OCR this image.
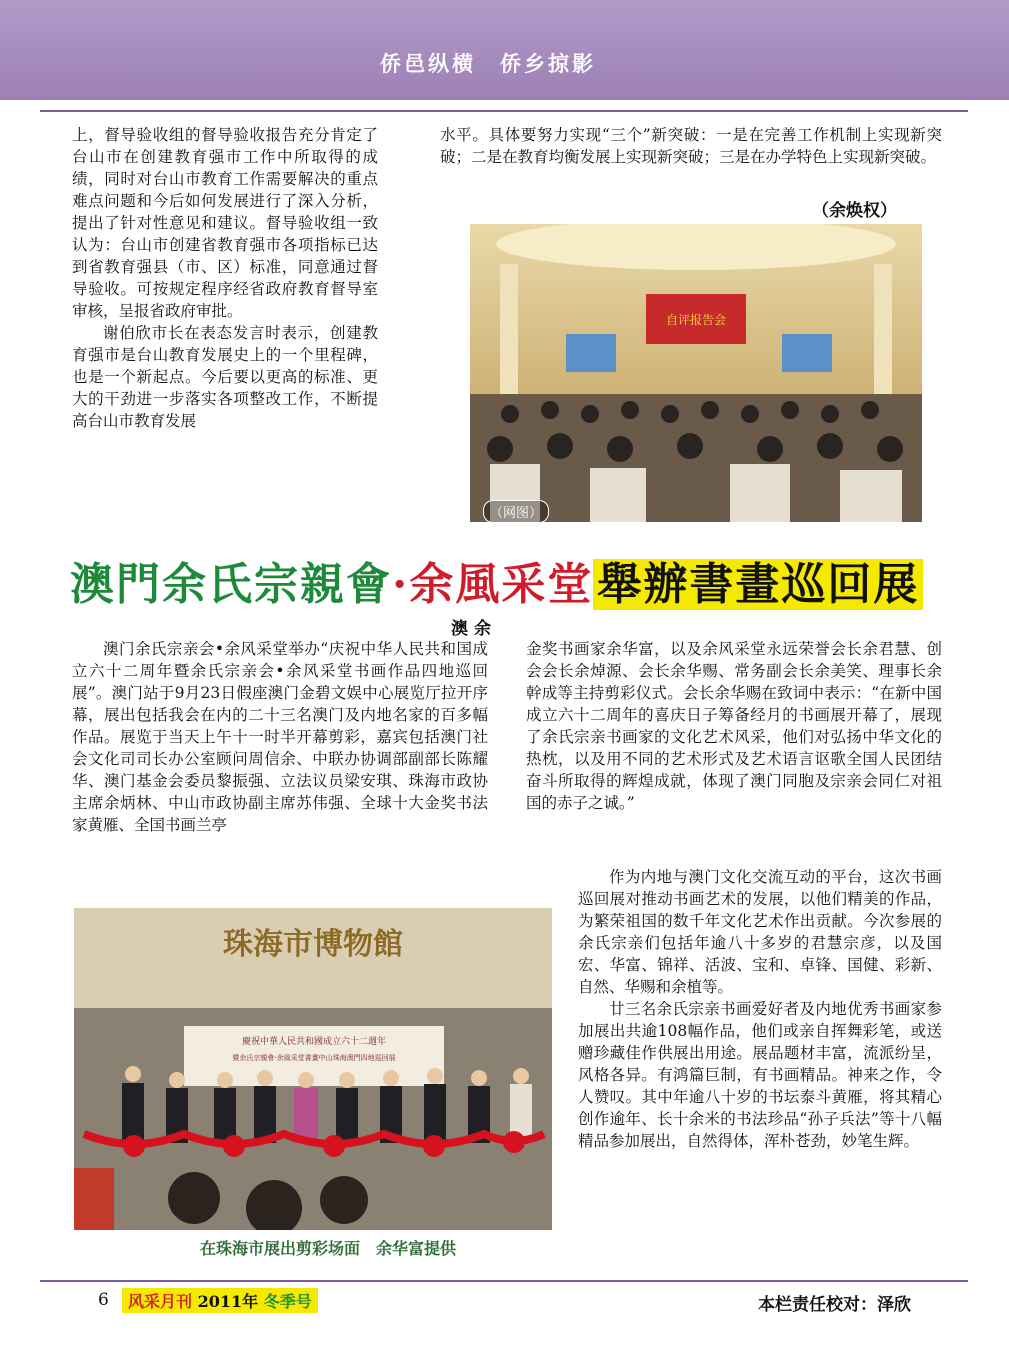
侨邑纵横　侨乡掠影

上，督导验收组的督导验收报告充分肯定了台山市在创建教育强市工作中所取得的成绩，同时对台山市教育工作需要解决的重点难点问题和今后如何发展进行了深入分析，提出了针对性意见和建议。督导验收组一致认为：台山市创建省教育强市各项指标已达到省教育强县（市、区）标准，同意通过督导验收。可按规定程序经省政府教育督导室审核，呈报省政府审批。

谢伯欣市长在表态发言时表示，创建教育强市是台山教育发展史上的一个里程碑，也是一个新起点。今后要以更高的标准、更大的干劲进一步落实各项整改工作，不断提高台山市教育发展

水平。具体要努力实现“三个”新突破：一是在完善工作机制上实现新突破；二是在教育均衡发展上实现新突破；三是在办学特色上实现新突破。

（余焕权）
自评报告会
（网图）
澳門余氏宗親會·余風采堂舉辦書畫巡回展
澳余

澳门余氏宗亲会•余风采堂举办“庆祝中华人民共和国成立六十二周年暨余氏宗亲会•余风采堂书画作品四地巡回展”。澳门站于9月23日假座澳门金碧文娱中心展览厅拉开序幕，展出包括我会在内的二十三名澳门及内地名家的百多幅作品。展览于当天上午十一时半开幕剪彩，嘉宾包括澳门社会文化司司长办公室顾问周信余、中联办协调部副部长陈耀华、澳门基金会委员黎振强、立法议员梁安琪、珠海市政协主席余炳林、中山市政协副主席苏伟强、全球十大金奖书法家黄雁、全国书画兰亭

金奖书画家余华富，以及余风采堂永远荣誉会长余君慧、创会会长余焯源、会长余华赐、常务副会长余美笑、理事长余幹成等主持剪彩仪式。会长余华赐在致词中表示：“在新中国成立六十二周年的喜庆日子筹备经月的书画展开幕了，展现了余氏宗亲书画家的文化艺术风采，他们对弘扬中华文化的热枕，以及用不同的艺术形式及艺术语言讴歌全国人民团结奋斗所取得的辉煌成就，体现了澳门同胞及宗亲会同仁对祖国的赤子之诚。”

作为内地与澳门文化交流互动的平台，这次书画巡回展对推动书画艺术的发展，以他们精美的作品，为繁荣祖国的数千年文化艺术作出贡献。今次参展的余氏宗亲们包括年逾八十多岁的君慧宗彦，以及国宏、华富、锦祥、活波、宝和、卓锋、国健、彩新、自然、华赐和余植等。

廿三名余氏宗亲书画爱好者及内地优秀书画家参加展出共逾108幅作品，他们或亲自挥舞彩笔，或送赠珍藏佳作供展出用途。展品题材丰富，流派纷呈，风格各异。有鸿篇巨制，有书画精品。神来之作，令人赞叹。其中年逾八十岁的书坛泰斗黄雁，将其精心创作逾年、长十余米的书法珍品“孙子兵法”等十八幅精品参加展出，自然得体，浑朴苍劲，妙笔生辉。

珠海市博物館
慶祝中華人民共和國成立六十二週年
暨余氏宗親會·余風采堂書畫中山珠海澳門四地巡回展
在珠海市展出剪彩场面　余华富提供
6	风采月刊 2011年 冬季号	本栏责任校对：泽欣
